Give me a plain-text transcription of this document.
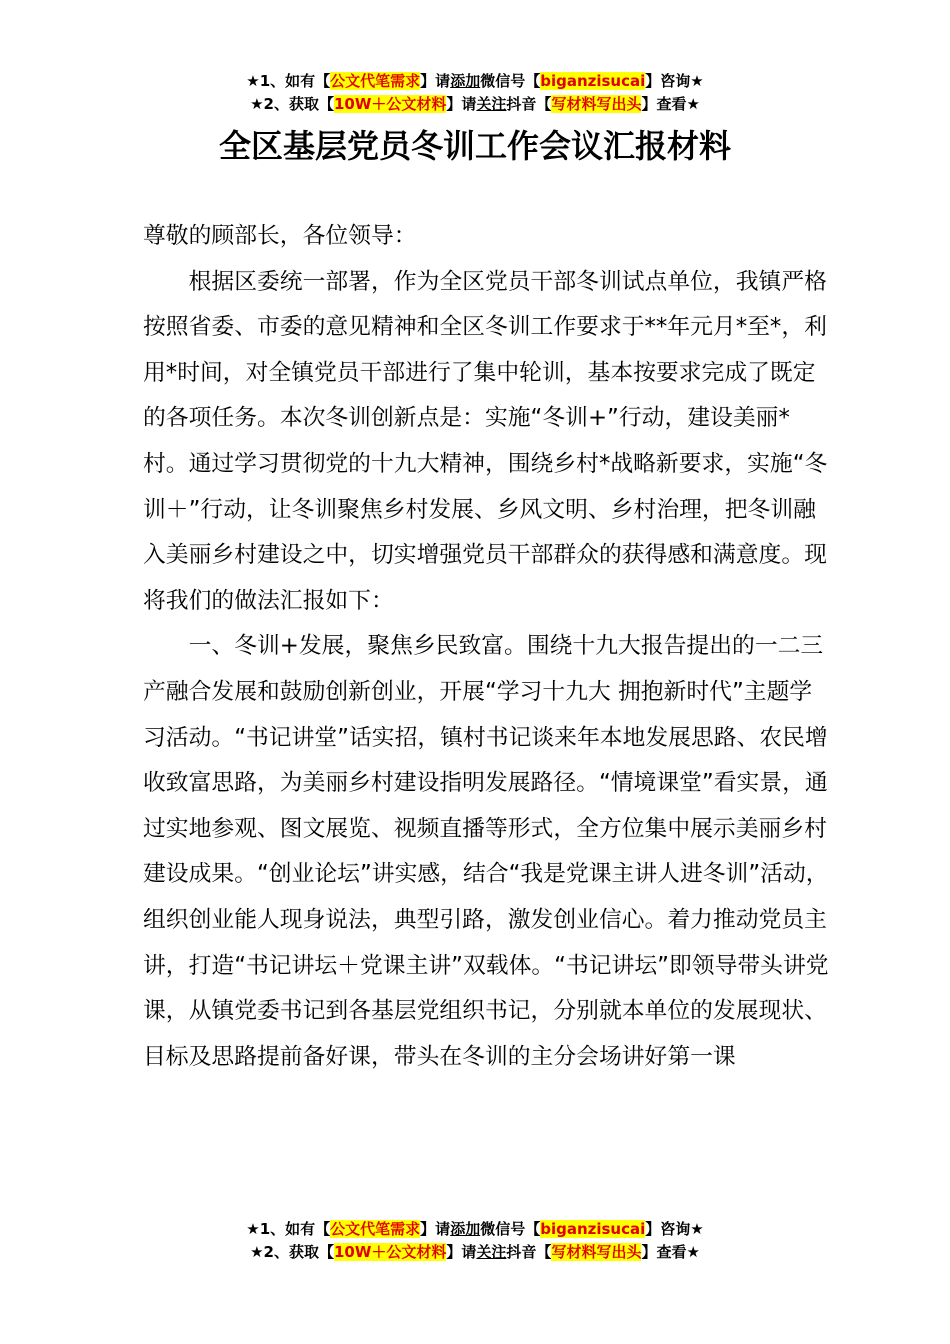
★1、如有【公文代笔需求】请添加微信号【biganzisucai】咨询★
★2、获取【10W＋公文材料】请关注抖音【写材料写出头】查看★
全区基层党员冬训工作会议汇报材料

尊敬的顾部长，各位领导：

根据区委统一部署，作为全区党员干部冬训试点单位，我镇严格按照省委、市委的意见精神和全区冬训工作要求于**年元月*至*，利用*时间，对全镇党员干部进行了集中轮训，基本按要求完成了既定的各项任务。本次冬训创新点是：实施“冬训+”行动，建设美丽*村。通过学习贯彻党的十九大精神，围绕乡村*战略新要求，实施“冬训＋”行动，让冬训聚焦乡村发展、乡风文明、乡村治理，把冬训融入美丽乡村建设之中，切实增强党员干部群众的获得感和满意度。现将我们的做法汇报如下：

一、冬训+发展，聚焦乡民致富。围绕十九大报告提出的一二三产融合发展和鼓励创新创业，开展“学习十九大 拥抱新时代”主题学习活动。“书记讲堂”话实招，镇村书记谈来年本地发展思路、农民增收致富思路，为美丽乡村建设指明发展路径。“情境课堂”看实景，通过实地参观、图文展览、视频直播等形式，全方位集中展示美丽乡村建设成果。“创业论坛”讲实感，结合“我是党课主讲人进冬训”活动，组织创业能人现身说法，典型引路，激发创业信心。着力推动党员主讲，打造“书记讲坛＋党课主讲”双载体。“书记讲坛”即领导带头讲党课，从镇党委书记到各基层党组织书记，分别就本单位的发展现状、目标及思路提前备好课，带头在冬训的主分会场讲好第一课

★1、如有【公文代笔需求】请添加微信号【biganzisucai】咨询★
★2、获取【10W＋公文材料】请关注抖音【写材料写出头】查看★
